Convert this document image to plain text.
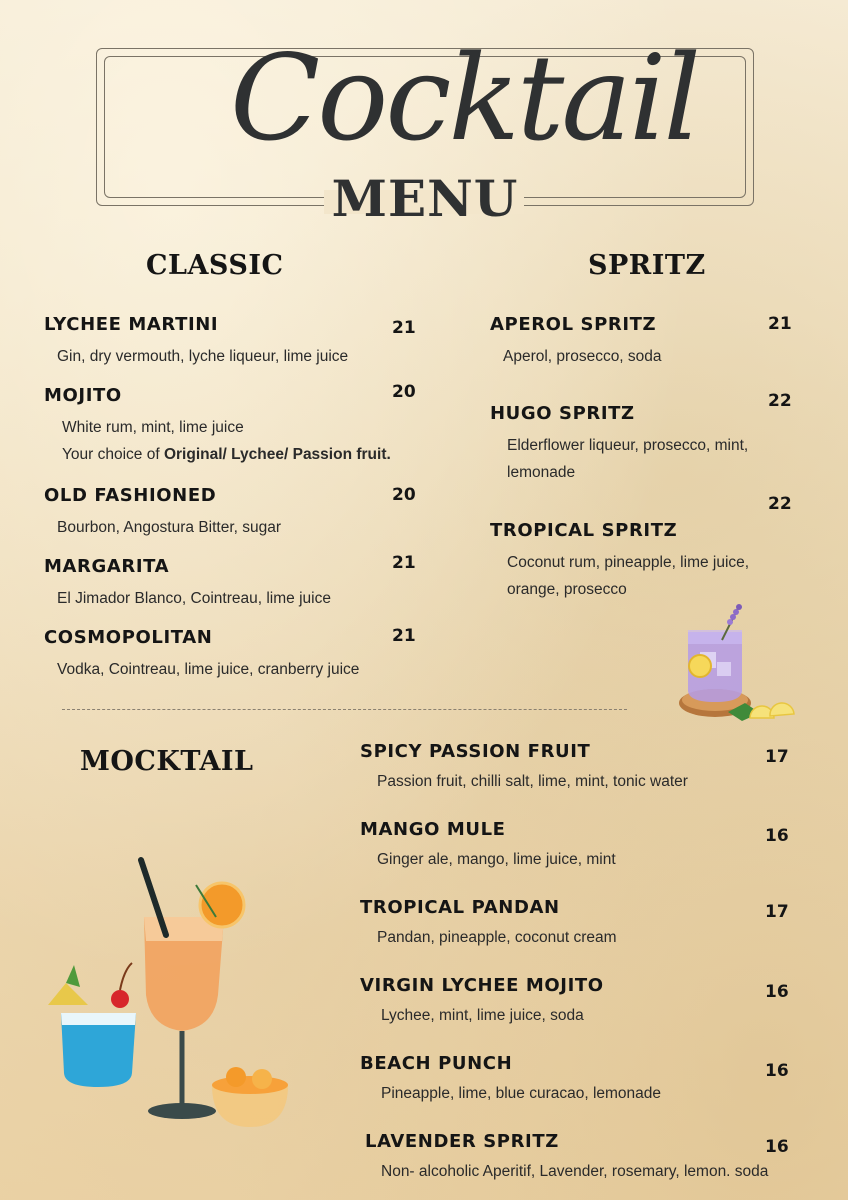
Cocktail
MENU
CLASSIC
LYCHEE MARTINI
Gin, dry vermouth, lyche liqueur, lime juice
21
MOJITO
White rum, mint, lime juice
Your choice of Original/ Lychee/ Passion fruit.
20
OLD FASHIONED
Bourbon, Angostura Bitter, sugar
20
MARGARITA
El Jimador Blanco, Cointreau, lime juice
21
COSMOPOLITAN
Vodka, Cointreau, lime juice, cranberry juice
21
SPRITZ
APEROL SPRITZ
Aperol, prosecco, soda
21
HUGO SPRITZ
Elderflower liqueur, prosecco, mint,
lemonade
22
TROPICAL SPRITZ
Coconut rum, pineapple, lime juice,
orange, prosecco
22
MOCKTAIL	SPICY PASSION FRUIT
Passion fruit, chilli salt, lime, mint, tonic water
17
MANGO MULE
Ginger ale, mango, lime juice, mint
16
TROPICAL PANDAN
Pandan, pineapple, coconut cream
17
VIRGIN LYCHEE MOJITO
Lychee, mint, lime juice, soda
16
BEACH PUNCH
Pineapple, lime, blue curacao, lemonade
16
LAVENDER SPRITZ
Non- alcoholic Aperitif, Lavender, rosemary, lemon. soda
16
